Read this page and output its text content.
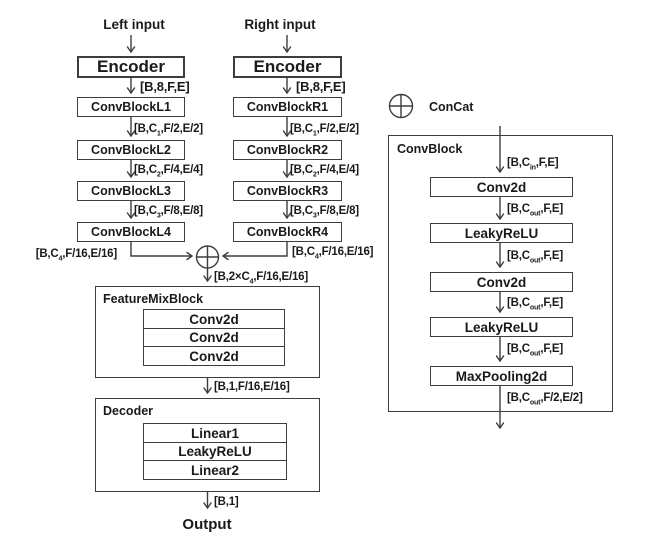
Left input
Encoder
[B,8,F,E]
ConvBlockL1
$[B,C_1,F/2,E/2]$
ConvBlockL2
$[B,C_2,F/4,E/4]$
ConvBlockL3
$[B,C_3,F/8,E/8]$
ConvBlockL4
$[B,C_4,F/16,E/16]$
Right input
Encoder
[B,8,F,E]
ConvBlockR1
$[B,C_1,F/2,E/2]$
ConvBlockR2
$[B,C_2,F/4,E/4]$
ConvBlockR3
$[B,C_3,F/8,E/8]$
ConvBlockR4
$[B,C_4,F/16,E/16]$
$[B,2\times C_4,F/16,E/16]$
FeatureMixBlock
Conv2d
Conv2d
Conv2d
[B,1,F/16,E/16]
Decoder
Linear1
LeakyReLU
Linear2
[B,1]
Output
ConCat
ConvBlock
$[B,C_{in},F,E]$
Conv2d
$[B,C_{out},F,E]$
LeakyReLU
$[B,C_{out},F,E]$
Conv2d
$[B,C_{out},F,E]$
LeakyReLU
$[B,C_{out},F,E]$
MaxPooling2d
$[B,C_{out},F/2,E/2]$
